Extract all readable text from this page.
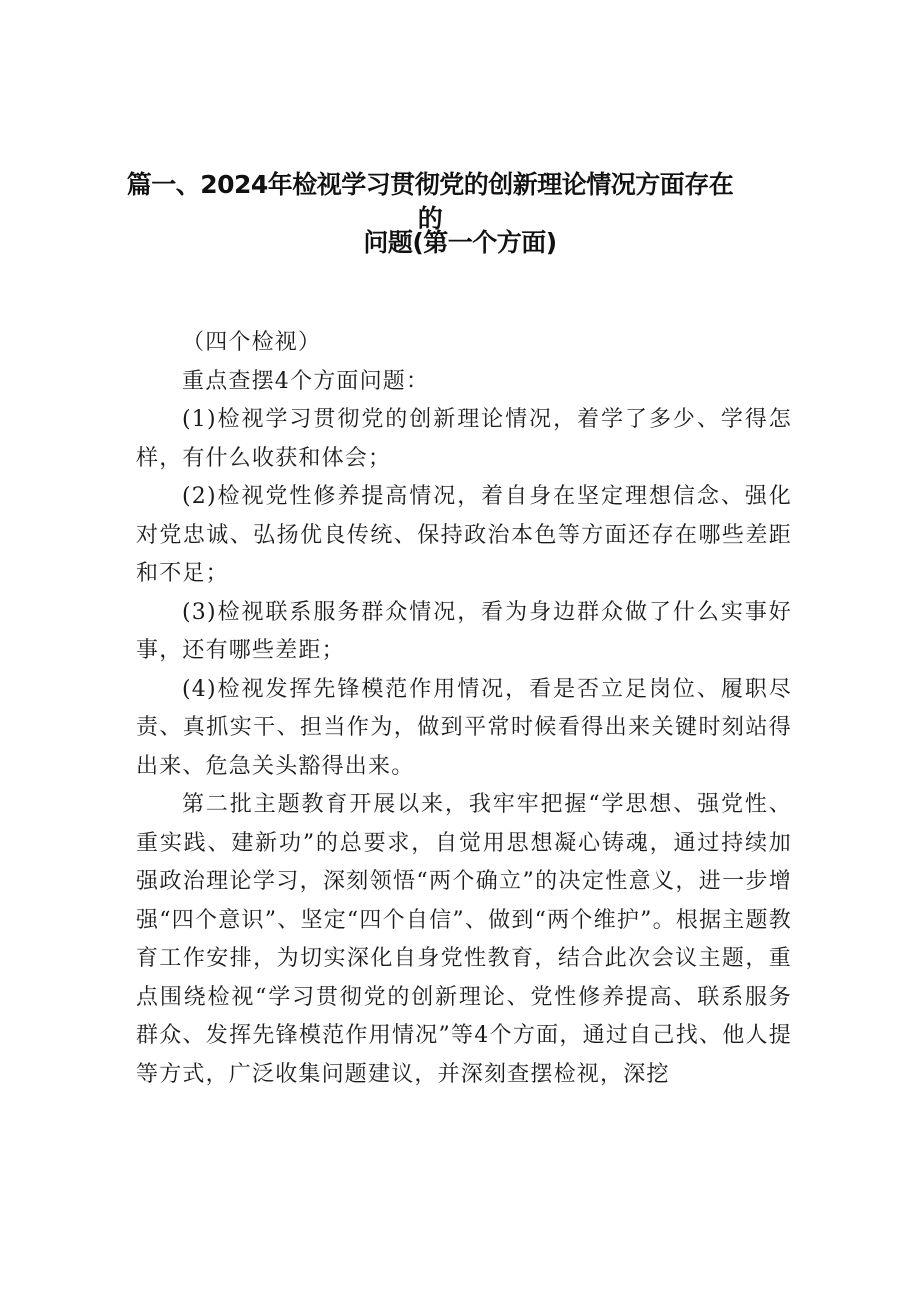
篇一、2024年检视学习贯彻党的创新理论情况方面存在的
问题(第一个方面)

（四个检视）

重点查摆4个方面问题：

(1)检视学习贯彻党的创新理论情况，着学了多少、学得怎样，有什么收获和体会；

(2)检视党性修养提高情况，着自身在坚定理想信念、强化对党忠诚、弘扬优良传统、保持政治本色等方面还存在哪些差距和不足；

(3)检视联系服务群众情况，看为身边群众做了什么实事好事，还有哪些差距；

(4)检视发挥先锋模范作用情况，看是否立足岗位、履职尽责、真抓实干、担当作为，做到平常时候看得出来关键时刻站得出来、危急关头豁得出来。

第二批主题教育开展以来，我牢牢把握“学思想、强党性、重实践、建新功”的总要求，自觉用思想凝心铸魂，通过持续加强政治理论学习，深刻领悟“两个确立”的决定性意义，进一步增强“四个意识”、坚定“四个自信”、做到“两个维护”。根据主题教育工作安排，为切实深化自身党性教育，结合此次会议主题，重点围绕检视“学习贯彻党的创新理论、党性修养提高、联系服务群众、发挥先锋模范作用情况”等4个方面，通过自己找、他人提等方式，广泛收集问题建议，并深刻查摆检视，深挖
